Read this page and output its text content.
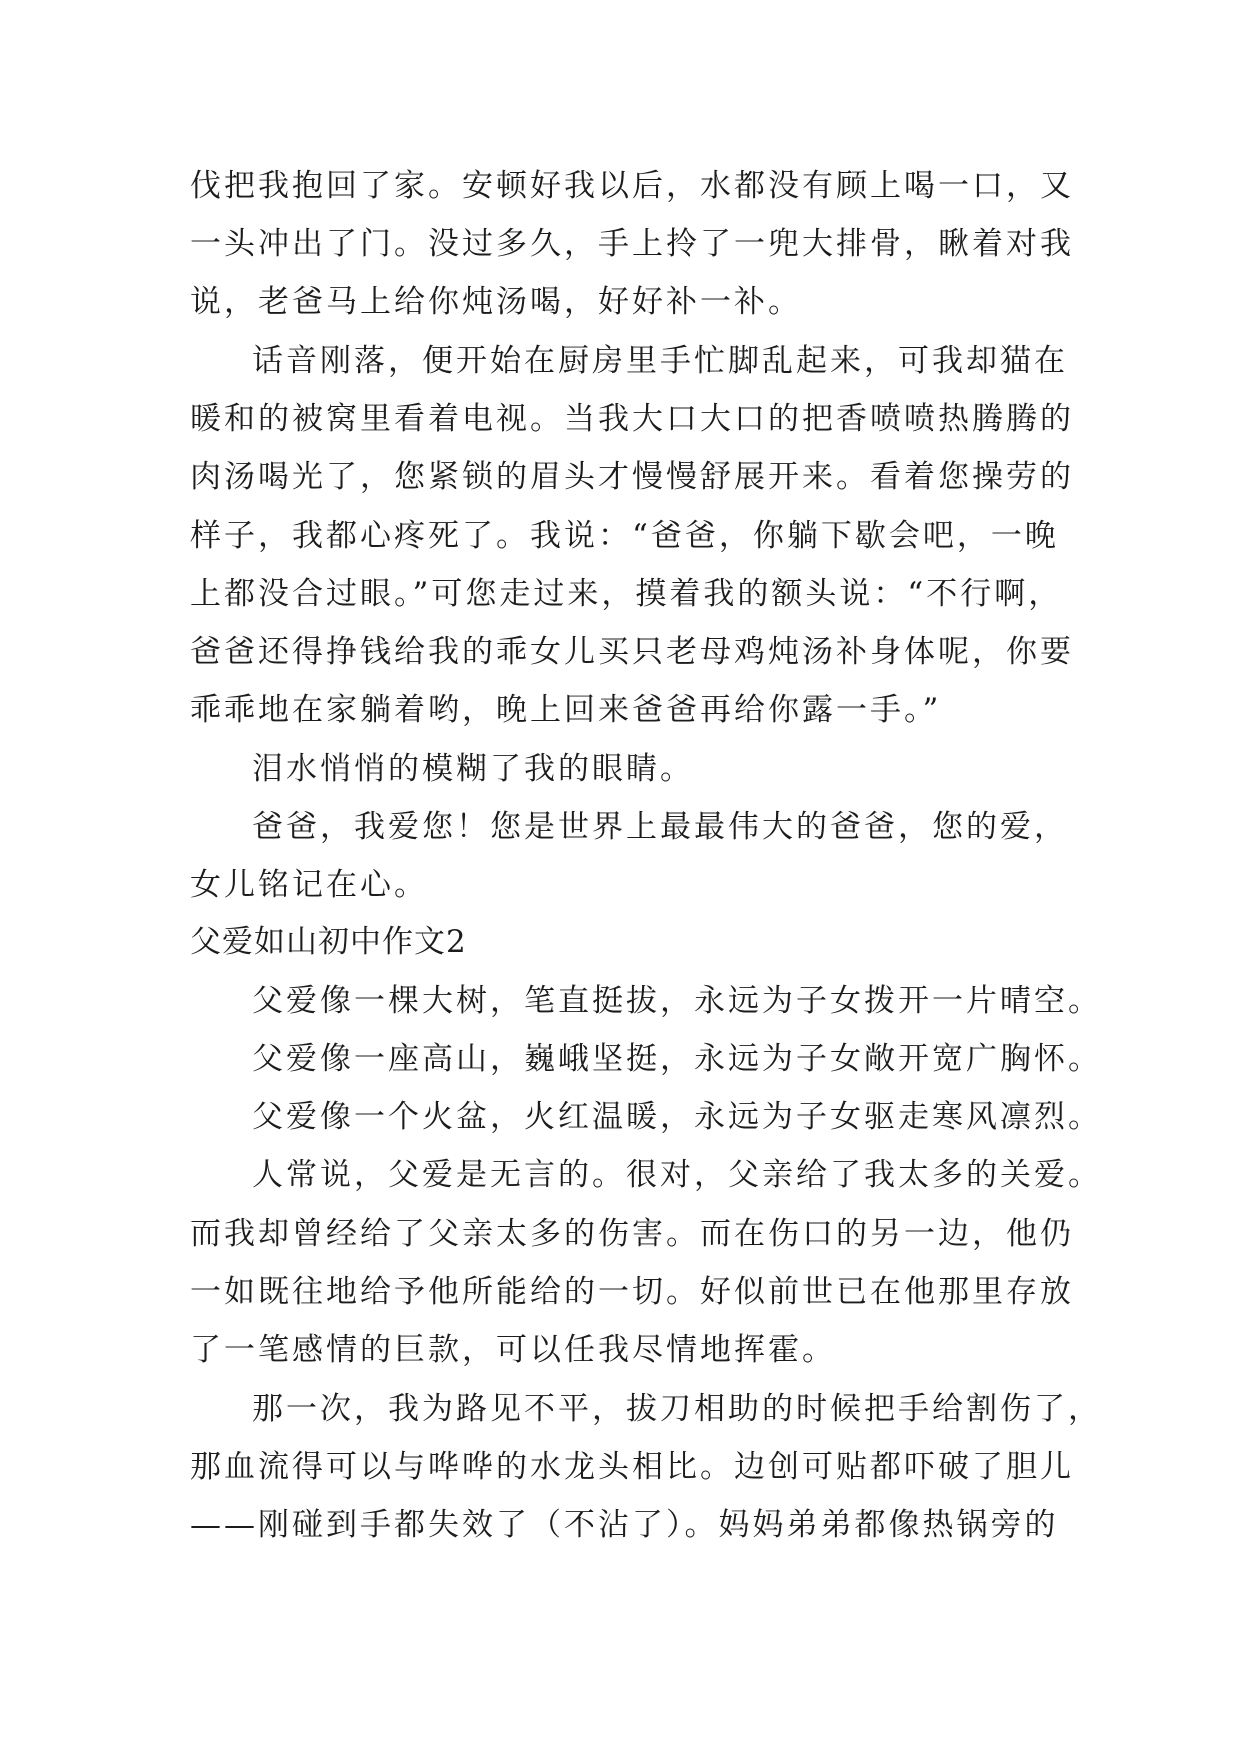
伐把我抱回了家。安顿好我以后，水都没有顾上喝一口，又
一头冲出了门。没过多久，手上拎了一兜大排骨，瞅着对我
说，老爸马上给你炖汤喝，好好补一补。
话音刚落，便开始在厨房里手忙脚乱起来，可我却猫在
暖和的被窝里看着电视。当我大口大口的把香喷喷热腾腾的
肉汤喝光了，您紧锁的眉头才慢慢舒展开来。看着您操劳的
样子，我都心疼死了。我说：“爸爸，你躺下歇会吧，一晚
上都没合过眼。”可您走过来，摸着我的额头说：“不行啊，
爸爸还得挣钱给我的乖女儿买只老母鸡炖汤补身体呢，你要
乖乖地在家躺着哟，晚上回来爸爸再给你露一手。”
泪水悄悄的模糊了我的眼睛。
爸爸，我爱您！您是世界上最最伟大的爸爸，您的爱，
女儿铭记在心。
父爱如山初中作文2
父爱像一棵大树，笔直挺拔，永远为子女拨开一片晴空。
父爱像一座高山，巍峨坚挺，永远为子女敞开宽广胸怀。
父爱像一个火盆，火红温暖，永远为子女驱走寒风凛烈。
人常说，父爱是无言的。很对，父亲给了我太多的关爱。
而我却曾经给了父亲太多的伤害。而在伤口的另一边，他仍
一如既往地给予他所能给的一切。好似前世已在他那里存放
了一笔感情的巨款，可以任我尽情地挥霍。
那一次，我为路见不平，拔刀相助的时候把手给割伤了，
那血流得可以与哗哗的水龙头相比。边创可贴都吓破了胆儿
——刚碰到手都失效了（不沾了）。妈妈弟弟都像热锅旁的
